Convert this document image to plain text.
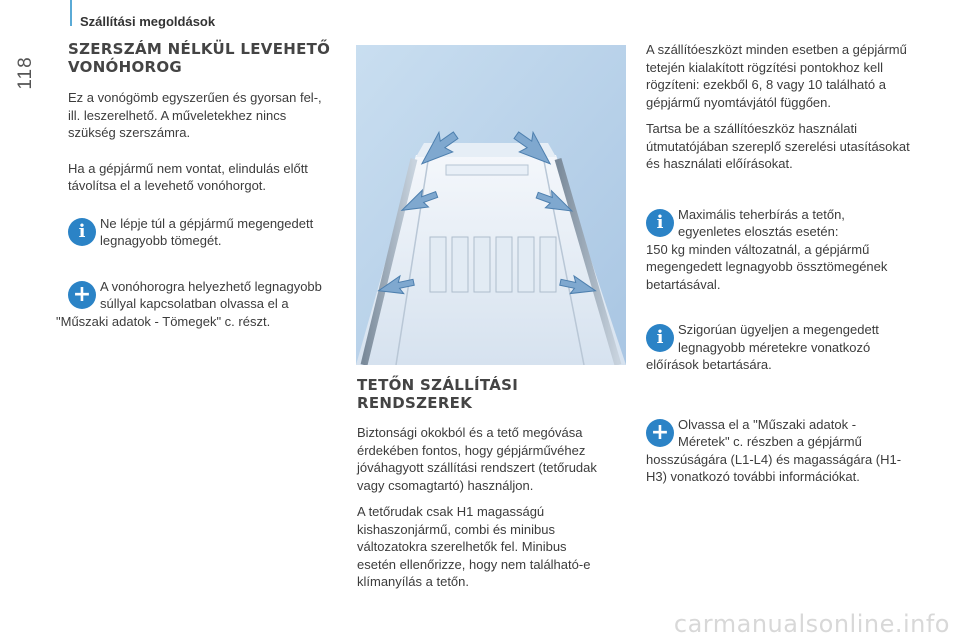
118
Szállítási megoldások
SZERSZÁM NÉLKÜL LEVEHETŐ VONÓHOROG

Ez a vonógömb egyszerűen és gyorsan fel-, ill. leszerelhető. A műveletekhez nincs szükség szerszámra.

Ha a gépjármű nem vontat, elindulás előtt távolítsa el a levehető vonóhorgot.

i	Ne lépje túl a gépjármű megengedett

legnagyobb tömegét.

+ A vonóhorogra helyezhető legnagyobb

súllyal kapcsolatban olvassa el a

"Műszaki adatok - Tömegek" c. részt.

TETŐN SZÁLLÍTÁSI RENDSZEREK

Biztonsági okokból és a tető megóvása érdekében fontos, hogy gépjárművéhez jóváhagyott szállítási rendszert (tetőrudak vagy csomagtartó) használjon.

A tetőrudak csak H1 magasságú kishaszonjármű, combi és minibus változatokra szerelhetők fel. Minibus esetén ellenőrizze, hogy nem található-e klímanyílás a tetőn.

A szállítóeszközt minden esetben a gépjármű tetején kialakított rögzítési pontokhoz kell rögzíteni: ezekből 6, 8 vagy 10 található a gépjármű nyomtávjától függően.

Tartsa be a szállítóeszköz használati útmutatójában szereplő szerelési utasításokat és használati előírásokat.

i	Maximális teherbírás a tetőn,

egyenletes elosztás esetén:

150 kg minden változatnál, a gépjármű megengedett legnagyobb össztömegének betartásával.

i	Szigorúan ügyeljen a megengedett

legnagyobb méretekre vonatkozó

előírások betartására.

+ Olvassa el a "Műszaki adatok -

Méretek" c. részben a gépjármű

hosszúságára (L1-L4) és magasságára (H1-H3) vonatkozó további információkat.

carmanualsonline.info
